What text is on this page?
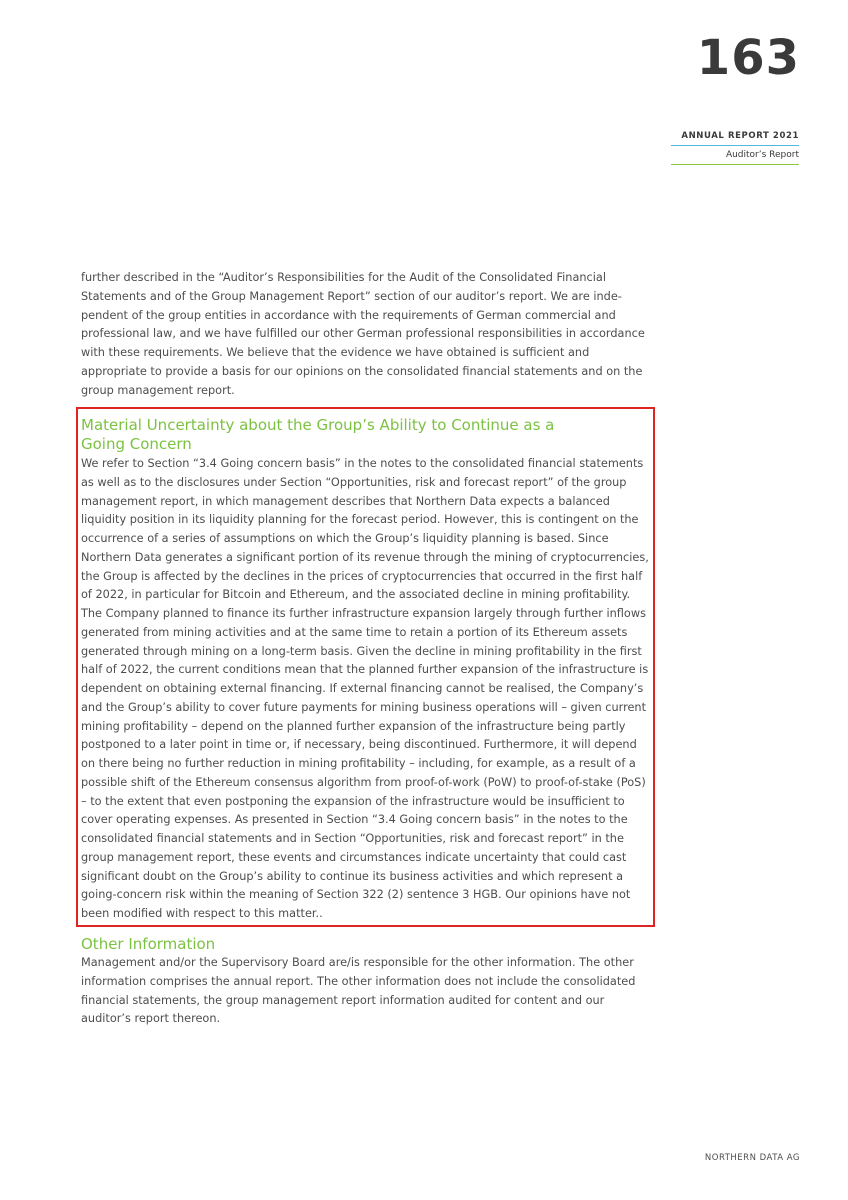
163
ANNUAL REPORT 2021
Auditor’s Report

further described in the “Auditor’s Responsibilities for the Audit of the Consolidated Financial Statements and of the Group Management Report” section of our auditor’s report. We are independent of the group entities in accordance with the requirements of German commercial and professional law, and we have fulfilled our other German professional responsibilities in accordance with these requirements. We believe that the evidence we have obtained is sufficient and appropriate to provide a basis for our opinions on the consolidated financial statements and on the group management report.

Material Uncertainty about the Group’s Ability to Continue as a Going Concern

We refer to Section “3.4 Going concern basis” in the notes to the consolidated financial statements as well as to the disclosures under Section “Opportunities, risk and forecast report” of the group management report, in which management describes that Northern Data expects a balanced liquidity position in its liquidity planning for the forecast period. However, this is contingent on the occurrence of a series of assumptions on which the Group’s liquidity planning is based. Since Northern Data generates a significant portion of its revenue through the mining of cryptocurrencies, the Group is affected by the declines in the prices of cryptocurrencies that occurred in the first half of 2022, in particular for Bitcoin and Ethereum, and the associated decline in mining profitability. The Company planned to finance its further infrastructure expansion largely through further inflows generated from mining activities and at the same time to retain a portion of its Ethereum assets generated through mining on a long-term basis. Given the decline in mining profitability in the first half of 2022, the current conditions mean that the planned further expansion of the infrastructure is dependent on obtaining external financing. If external financing cannot be realised, the Company’s and the Group’s ability to cover future payments for mining business operations will – given current mining profitability – depend on the planned further expansion of the infrastructure being partly postponed to a later point in time or, if necessary, being discontinued. Furthermore, it will depend on there being no further reduction in mining profitability – including, for example, as a result of a possible shift of the Ethereum consensus algorithm from proof-of-work (PoW) to proof-of-stake (PoS) – to the extent that even postponing the expansion of the infrastructure would be insufficient to cover operating expenses. As presented in Section “3.4 Going concern basis” in the notes to the consolidated financial statements and in Section “Opportunities, risk and forecast report” in the group management report, these events and circumstances indicate uncertainty that could cast significant doubt on the Group’s ability to continue its business activities and which represent a going-concern risk within the meaning of Section 322 (2) sentence 3 HGB. Our opinions have not been modified with respect to this matter..

Other Information

Management and/or the Supervisory Board are/is responsible for the other information. The other information comprises the annual report. The other information does not include the consolidated financial statements, the group management report information audited for content and our auditor’s report thereon.

NORTHERN DATA AG
